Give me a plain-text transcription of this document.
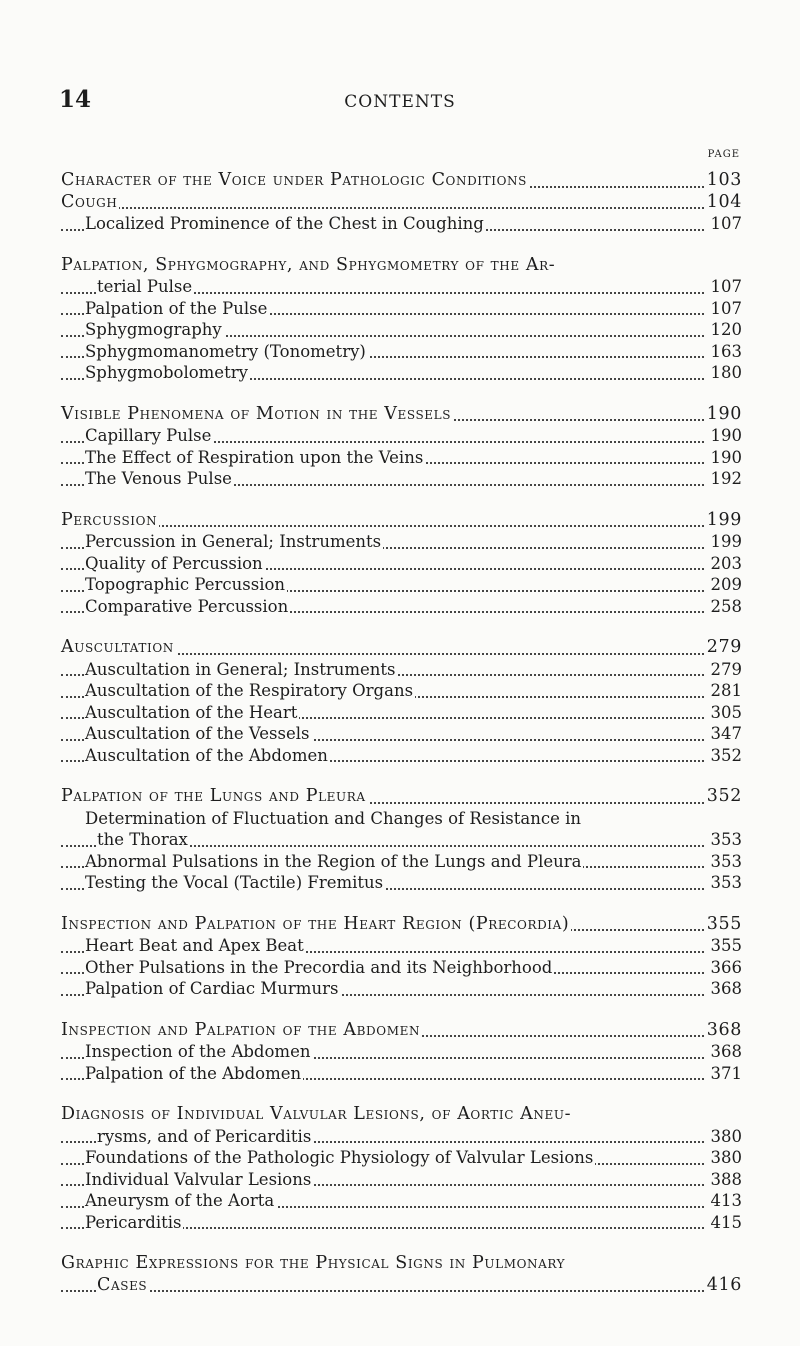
14	CONTENTS
PAGE
Character of the Voice under Pathologic Conditions	103
Cough	104
Localized Prominence of the Chest in Coughing	107
Palpation, Sphygmography, and Sphygmometry of the Ar-
terial Pulse	107
Palpation of the Pulse	107
Sphygmography	120
Sphygmomanometry (Tonometry)	163
Sphygmobolometry	180
Visible Phenomena of Motion in the Vessels	190
Capillary Pulse	190
The Effect of Respiration upon the Veins	190
The Venous Pulse	192
Percussion	199
Percussion in General; Instruments	199
Quality of Percussion	203
Topographic Percussion	209
Comparative Percussion	258
Auscultation	279
Auscultation in General; Instruments	279
Auscultation of the Respiratory Organs	281
Auscultation of the Heart	305
Auscultation of the Vessels	347
Auscultation of the Abdomen	352
Palpation of the Lungs and Pleura	352
Determination of Fluctuation and Changes of Resistance in
the Thorax	353
Abnormal Pulsations in the Region of the Lungs and Pleura	353
Testing the Vocal (Tactile) Fremitus	353
Inspection and Palpation of the Heart Region (Precordia)	355
Heart Beat and Apex Beat	355
Other Pulsations in the Precordia and its Neighborhood	366
Palpation of Cardiac Murmurs	368
Inspection and Palpation of the Abdomen	368
Inspection of the Abdomen	368
Palpation of the Abdomen	371
Diagnosis of Individual Valvular Lesions, of Aortic Aneu-
rysms, and of Pericarditis	380
Foundations of the Pathologic Physiology of Valvular Lesions	380
Individual Valvular Lesions	388
Aneurysm of the Aorta	413
Pericarditis	415
Graphic Expressions for the Physical Signs in Pulmonary
Cases	416
